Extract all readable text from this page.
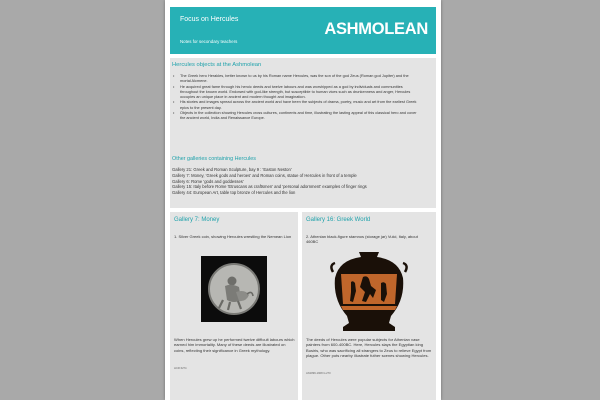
Focus on Hercules
Notes for secondary teachers
ASHMOLEAN
Hercules objects at the Ashmolean
• The Greek hero Herakles, better known to us by his Roman name Hercules, was the son of the god Zeus (Roman god Jupiter) and the mortal Alcmene.
• He acquired great fame through his heroic deeds and twelve labours and was worshipped as a god by individuals and communities throughout the known world. Endowed with god-like strength, but susceptible to human vices such as drunkenness and anger, Hercules occupies an unique place in ancient and modern thought and imagination.
• His stories and images spread across the ancient world and have been the subjects of drama, poetry, music and art from the earliest Greek epics to the present day.
• Objects in the collection showing Hercules cross cultures, continents and time, illustrating the lasting appeal of this classical hero and cover the ancient world, India and Renaissance Europe.
Other galleries containing Hercules
Gallery 21: Greek and Roman Sculpture, bay 9 : 'Easton Neston'
Gallery 7: Money, 'Greek gods and heroes' and Roman coins, statue of Hercules in front of a temple
Gallery 6: Rome 'gods and goddesses'
Gallery 15: Italy before Rome 'Etruscans as craftsmen' and 'personal adornment' examples of finger rings
Gallery 44: European Art, table top bronze of Hercules and the lion
Gallery 7: Money
1. Silver Greek coin, showing Hercules wrestling the Nemean Lion
When Hercules grew up he performed twelve difficult labours which earned him immortality. Many of these deeds are illustrated on coins, reflecting their significance in Greek mythology.
HCR 6274
Gallery 16: Greek World
2. Athenian black-figure stamnos (storage jar) Vulci, Italy, about 460BC
The deeds of Hercules were popular subjects for Athenian vase painters from 600-400BC. Here, Hercules slays the Egyptian king Busiris, who was sacrificing all strangers to Zeus to relieve Egypt from plague. Other pots nearby illustrate futher scenes showing Hercules.
AN1896-1908 G.270
